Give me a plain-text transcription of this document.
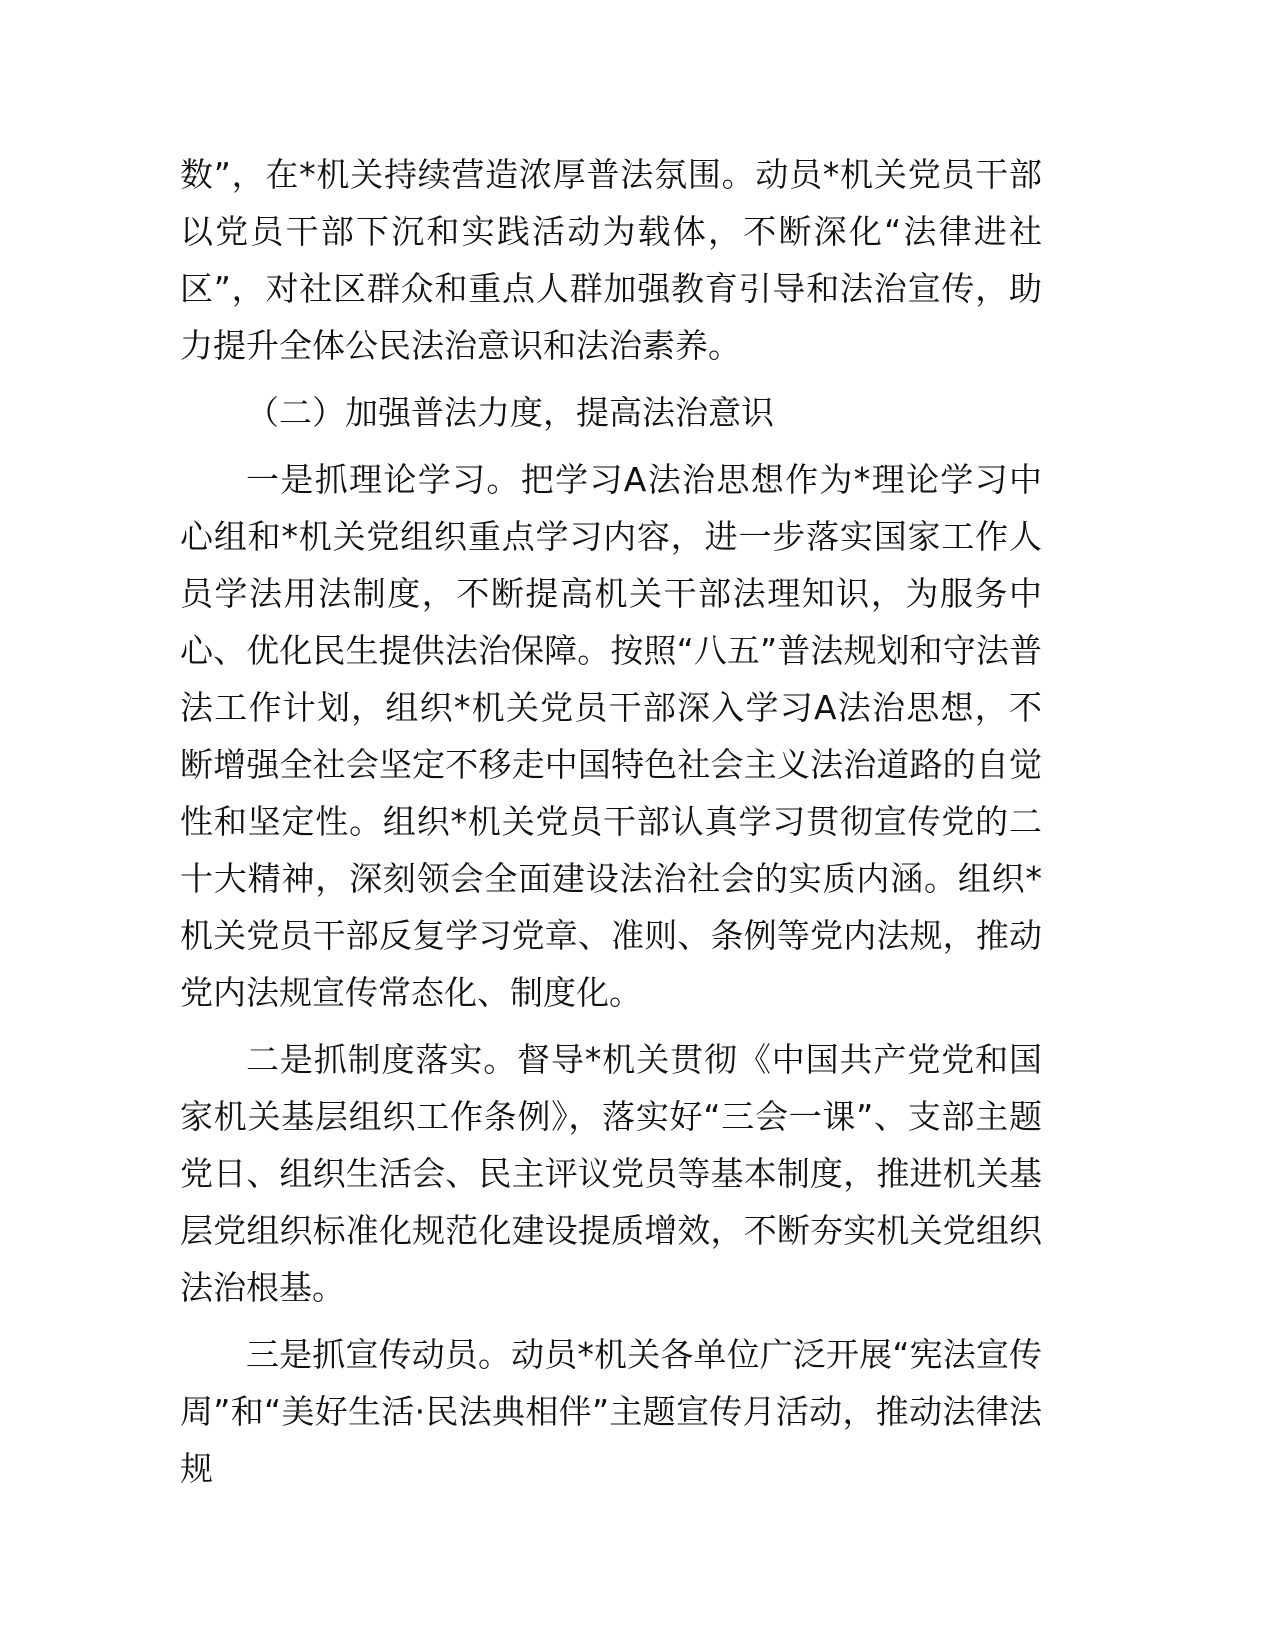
数”，在*机关持续营造浓厚普法氛围。动员*机关党员干部以党员干部下沉和实践活动为载体，不断深化“法律进社区”，对社区群众和重点人群加强教育引导和法治宣传，助力提升全体公民法治意识和法治素养。

（二）加强普法力度，提高法治意识

一是抓理论学习。把学习A法治思想作为*理论学习中心组和*机关党组织重点学习内容，进一步落实国家工作人员学法用法制度，不断提高机关干部法理知识，为服务中心、优化民生提供法治保障。按照“八五”普法规划和守法普法工作计划，组织*机关党员干部深入学习A法治思想，不断增强全社会坚定不移走中国特色社会主义法治道路的自觉性和坚定性。组织*机关党员干部认真学习贯彻宣传党的二十大精神，深刻领会全面建设法治社会的实质内涵。组织*机关党员干部反复学习党章、准则、条例等党内法规，推动党内法规宣传常态化、制度化。

二是抓制度落实。督导*机关贯彻《中国共产党党和国家机关基层组织工作条例》，落实好“三会一课”、支部主题党日、组织生活会、民主评议党员等基本制度，推进机关基层党组织标准化规范化建设提质增效，不断夯实机关党组织法治根基。

三是抓宣传动员。动员*机关各单位广泛开展“宪法宣传周”和“美好生活·民法典相伴”主题宣传月活动，推动法律法规
